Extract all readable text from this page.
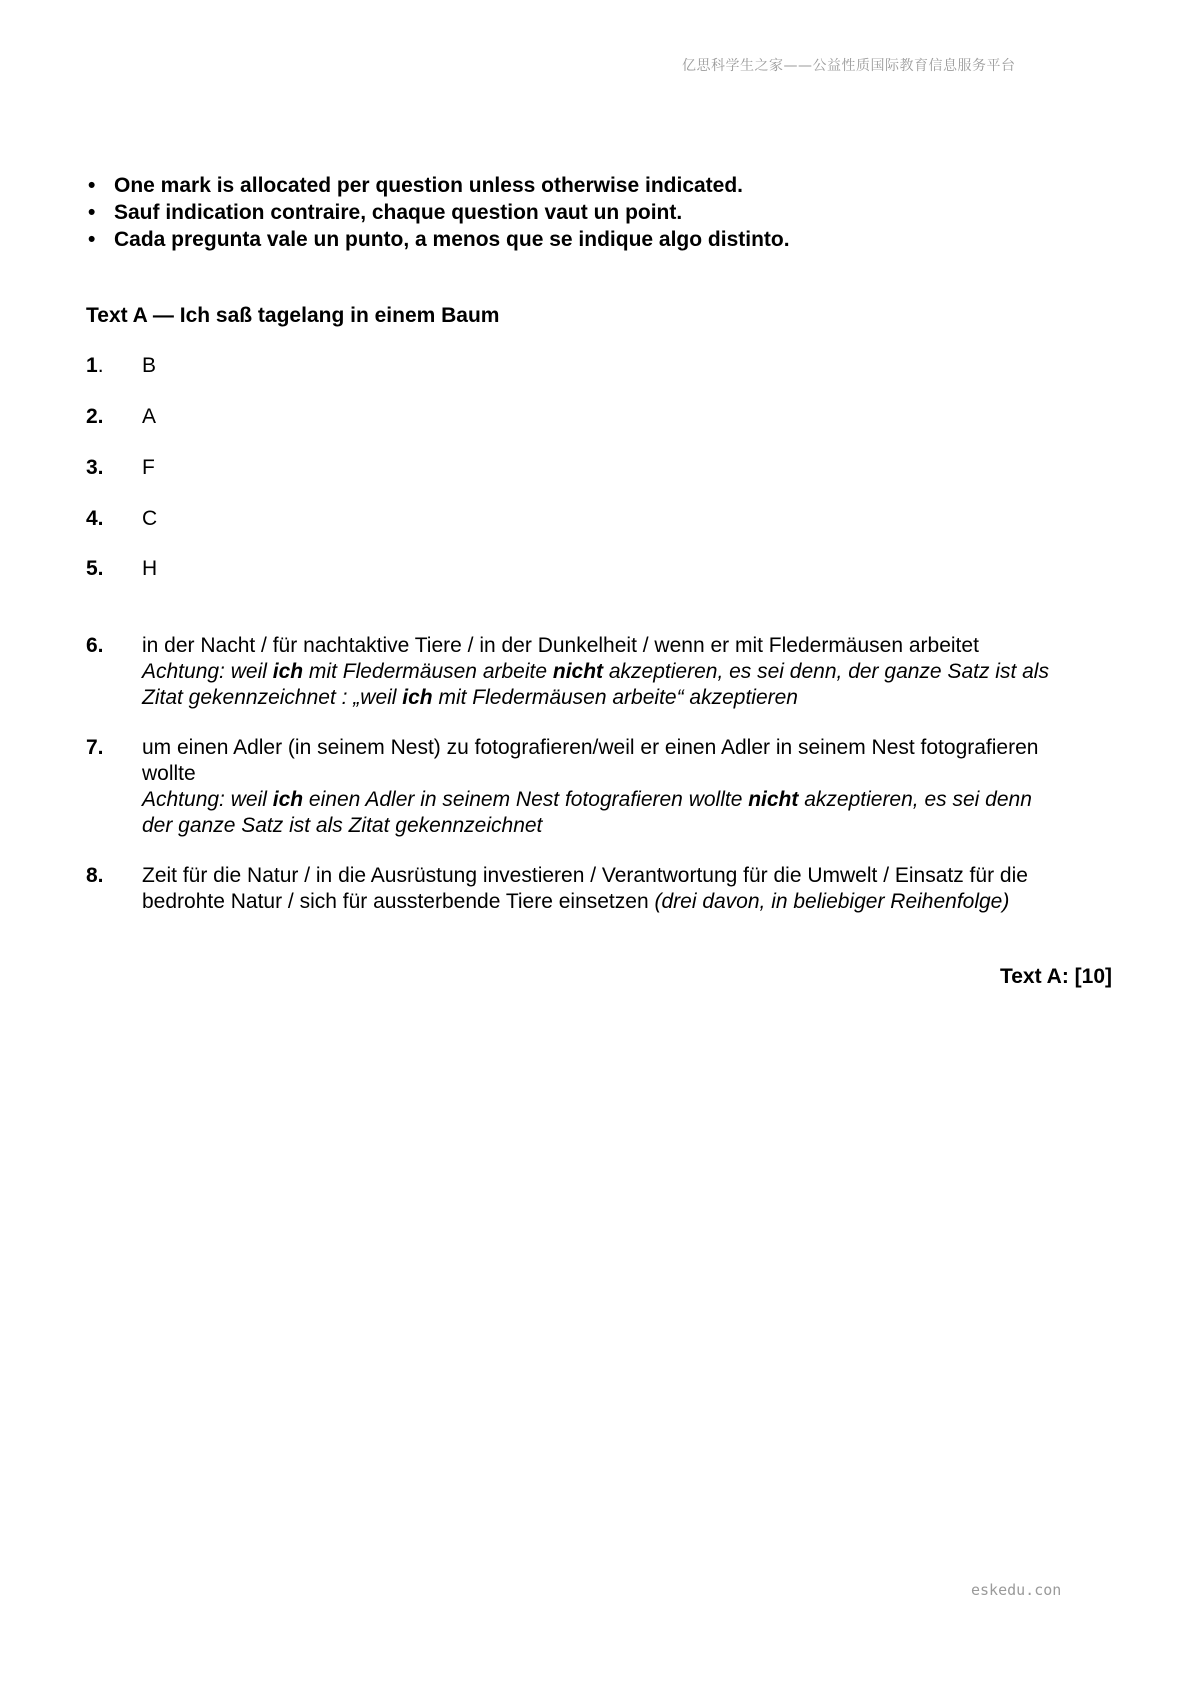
亿思科学生之家——公益性质国际教育信息服务平台
• One mark is allocated per question unless otherwise indicated.
• Sauf indication contraire, chaque question vaut un point.
• Cada pregunta vale un punto, a menos que se indique algo distinto.
Text A — Ich saß tagelang in einem Baum
1.	B
2.	A
3.	F
4.	C
5.	H
6.	in der Nacht / für nachtaktive Tiere / in der Dunkelheit / wenn er mit Fledermäusen arbeitet
Achtung: weil ich mit Fledermäusen arbeite nicht akzeptieren, es sei denn, der ganze Satz ist als
Zitat gekennzeichnet : „weil ich mit Fledermäusen arbeite“ akzeptieren
7.	um einen Adler (in seinem Nest) zu fotografieren/weil er einen Adler in seinem Nest fotografieren
wollte
Achtung: weil ich einen Adler in seinem Nest fotografieren wollte nicht akzeptieren, es sei denn
der ganze Satz ist als Zitat gekennzeichnet
8.	Zeit für die Natur / in die Ausrüstung investieren / Verantwortung für die Umwelt / Einsatz für die
bedrohte Natur / sich für aussterbende Tiere einsetzen (drei davon, in beliebiger Reihenfolge)
Text A: [10]
eskedu.con
